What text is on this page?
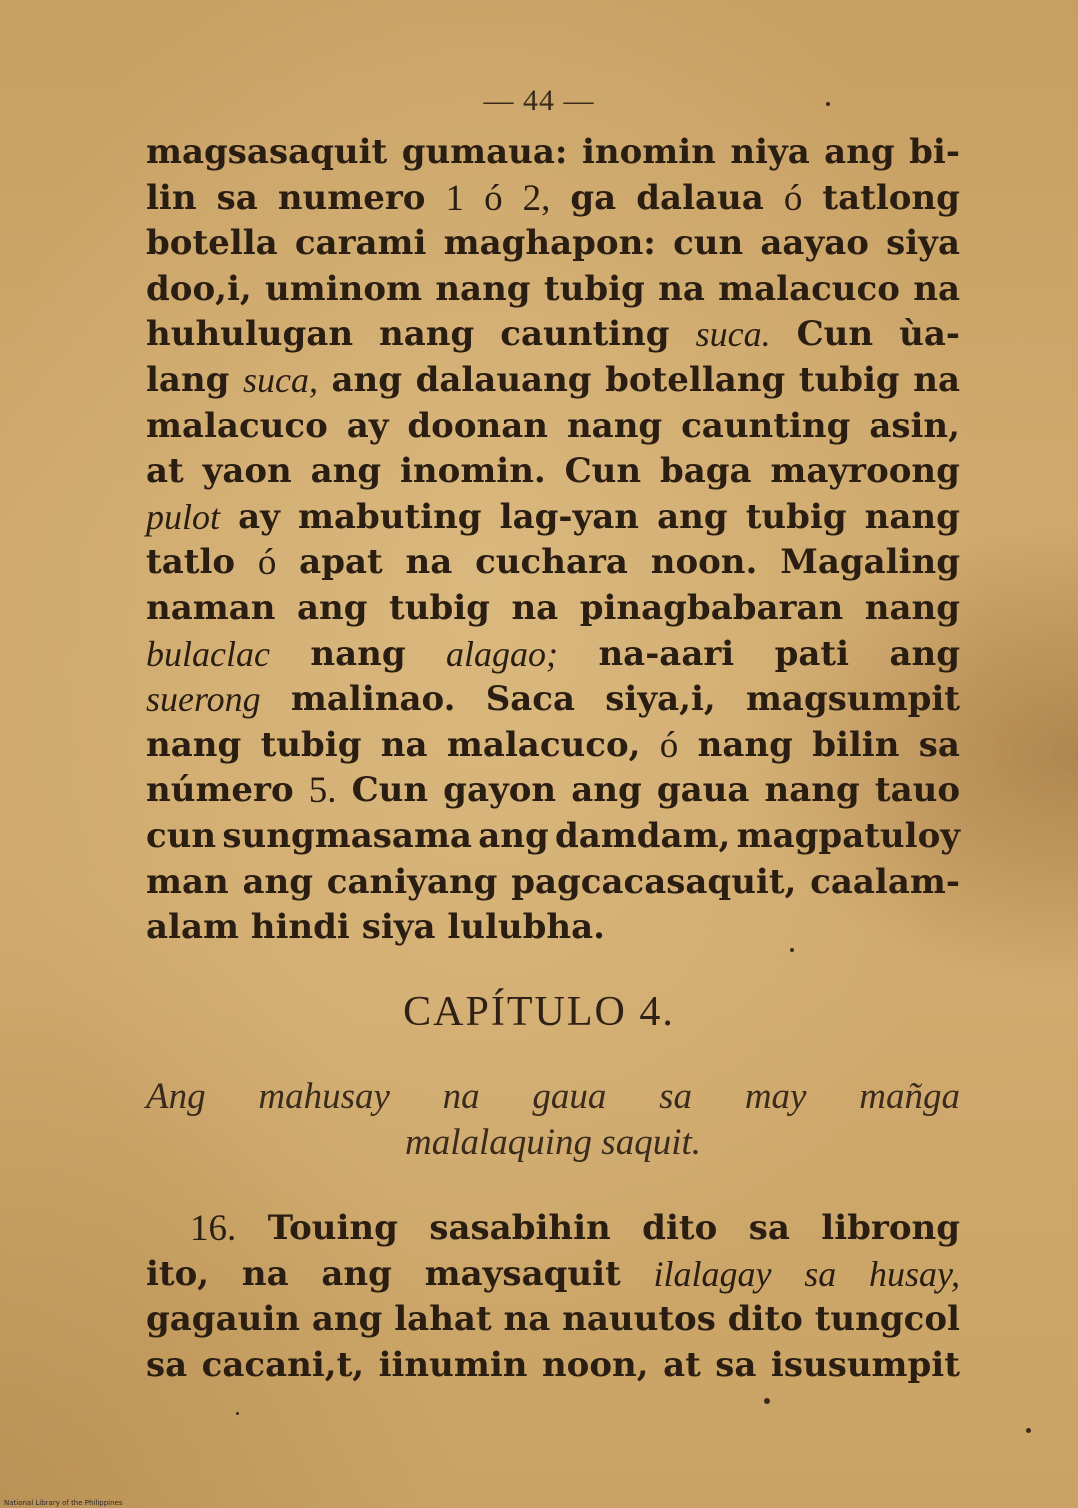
— 44 —
magsasaquit gumaua: inomin niya ang bi-
lin sa numero 1 ó 2, ga dalaua ó tatlong
botella carami maghapon: cun aayao siya
doo,i, uminom nang tubig na malacuco na
huhulugan nang caunting suca. Cun ùa-
lang suca, ang dalauang botellang tubig na
malacuco ay doonan nang caunting asin,
at yaon ang inomin. Cun baga mayroong
pulot ay mabuting lag-yan ang tubig nang
tatlo ó apat na cuchara noon. Magaling
naman ang tubig na pinagbabaran nang
bulaclac nang alagao; na-aari pati ang
suerong malinao. Saca siya,i, magsumpit
nang tubig na malacuco, ó nang bilin sa
número 5. Cun gayon ang gaua nang tauo
cun sungmasama ang damdam, magpatuloy
man ang caniyang pagcacasaquit, caalam-
alam
hindi
siya
lulubha.
CAPÍTULO 4.
Ang mahusay na gaua sa may mañga
malalaquing saquit.
16. Touing sasabihin dito sa librong
ito, na ang maysaquit ilalagay sa husay,
gagauin ang lahat na nauutos dito tungcol
sa cacani,t, iinumin noon, at sa isusumpit
National Library of the Philippines
